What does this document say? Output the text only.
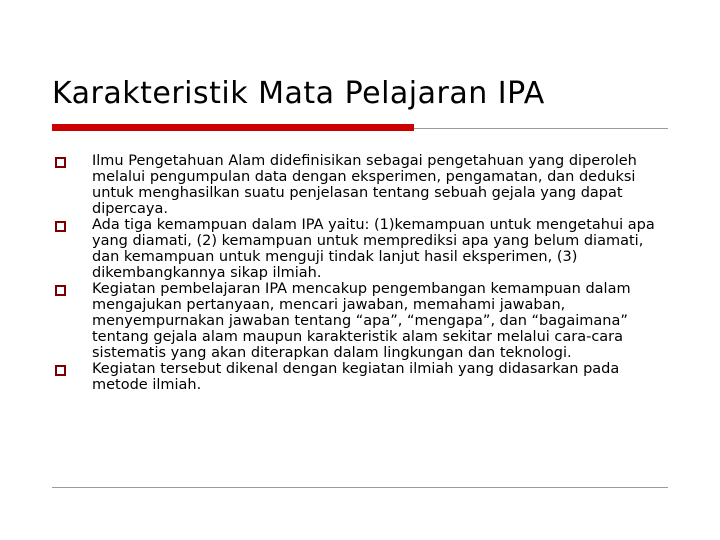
Karakteristik Mata Pelajaran IPA
Ilmu Pengetahuan Alam didefinisikan sebagai pengetahuan yang diperoleh melalui pengumpulan data dengan eksperimen, pengamatan, dan deduksi untuk menghasilkan suatu penjelasan tentang sebuah gejala yang dapat dipercaya.
Ada tiga kemampuan dalam IPA yaitu: (1)kemampuan untuk mengetahui apa yang diamati, (2) kemampuan untuk memprediksi apa yang belum diamati, dan kemampuan untuk menguji tindak lanjut hasil eksperimen, (3) dikembangkannya sikap ilmiah.
Kegiatan pembelajaran IPA mencakup pengembangan kemampuan dalam mengajukan pertanyaan, mencari jawaban, memahami jawaban, menyempurnakan jawaban tentang “apa”, “mengapa”, dan “bagaimana” tentang gejala alam maupun karakteristik alam sekitar melalui cara-cara sistematis yang akan diterapkan dalam lingkungan dan teknologi.
Kegiatan tersebut dikenal dengan kegiatan ilmiah yang didasarkan pada metode ilmiah.
